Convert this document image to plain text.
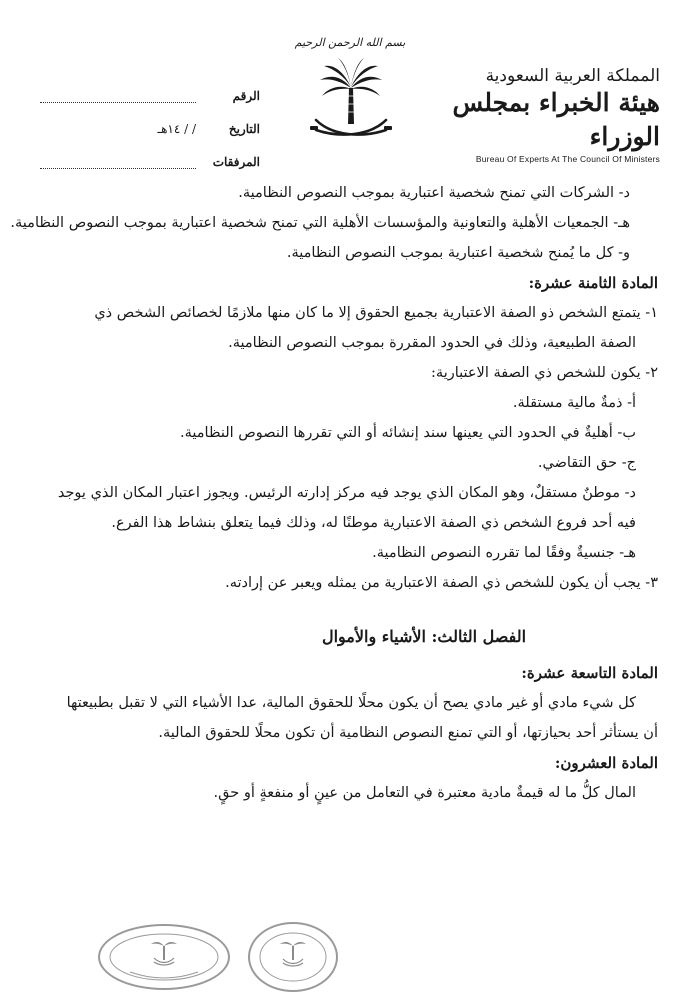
المملكة العربية السعودية
هيئة الخبراء بمجلس الوزراء
Bureau Of Experts At The Council Of Ministers
بسم الله الرحمن الرحيم
الرقم
التاريخ
/ / ١٤هـ
المرفقات

د- الشركات التي تمنح شخصية اعتبارية بموجب النصوص النظامية.

هـ- الجمعيات الأهلية والتعاونية والمؤسسات الأهلية التي تمنح شخصية اعتبارية بموجب النصوص النظامية.

و- كل ما يُمنح شخصية اعتبارية بموجب النصوص النظامية.

المادة الثامنة عشرة:

١- يتمتع الشخص ذو الصفة الاعتبارية بجميع الحقوق إلا ما كان منها ملازمًا لخصائص الشخص ذي

الصفة الطبيعية، وذلك في الحدود المقررة بموجب النصوص النظامية.

٢- يكون للشخص ذي الصفة الاعتبارية:

أ- ذمةٌ مالية مستقلة.

ب- أهليةٌ في الحدود التي يعينها سند إنشائه أو التي تقررها النصوص النظامية.

ج- حق التقاضي.

د- موطنٌ مستقلٌ، وهو المكان الذي يوجد فيه مركز إدارته الرئيس. ويجوز اعتبار المكان الذي يوجد

فيه أحد فروع الشخص ذي الصفة الاعتبارية موطنًا له، وذلك فيما يتعلق بنشاط هذا الفرع.

هـ- جنسيةٌ وفقًا لما تقرره النصوص النظامية.

٣- يجب أن يكون للشخص ذي الصفة الاعتبارية من يمثله ويعبر عن إرادته.

الفصل الثالث: الأشياء والأموال

المادة التاسعة عشرة:

كل شيء مادي أو غير مادي يصح أن يكون محلًا للحقوق المالية، عدا الأشياء التي لا تقبل بطبيعتها

أن يستأثر أحد بحيازتها، أو التي تمنع النصوص النظامية أن تكون محلًا للحقوق المالية.

المادة العشرون:

المال كلُّ ما له قيمةٌ مادية معتبرة في التعامل من عينٍ أو منفعةٍ أو حقٍ.
